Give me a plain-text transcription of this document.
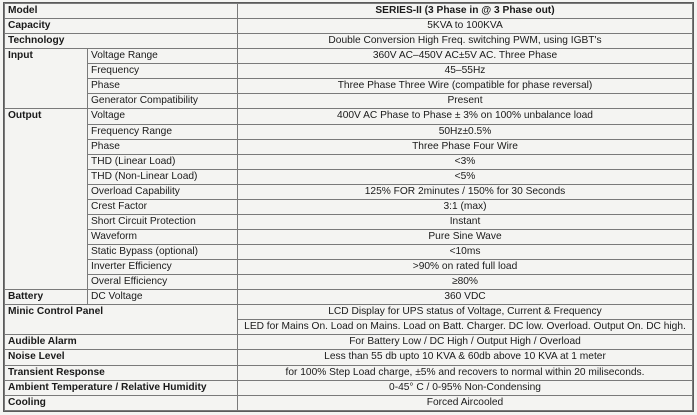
Model		SERIES-II (3 Phase in @ 3 Phase out)
Capacity		5KVA to 100KVA
Technology		Double Conversion High Freq. switching PWM, using IGBT's
Input	Voltage Range	360V AC–450V AC±5V AC. Three Phase
	Frequency	45–55Hz
	Phase	Three Phase Three Wire (compatible for phase reversal)
	Generator Compatibility	Present
Output	Voltage	400V AC Phase to Phase ± 3% on 100% unbalance load
	Frequency Range	50Hz±0.5%
	Phase	Three Phase Four Wire
	THD (Linear Load)	<3%
	THD (Non-Linear Load)	<5%
	Overload Capability	125% FOR 2minutes / 150% for 30 Seconds
	Crest Factor	3:1 (max)
	Short Circuit Protection	Instant
	Waveform	Pure Sine Wave
	Static Bypass (optional)	<10ms
	Inverter Efficiency	>90% on rated full load
	Overal Efficiency	≥80%
Battery	DC Voltage	360 VDC
Minic Control Panel		LCD Display for UPS status of Voltage, Current & Frequency
		LED for Mains On. Load on Mains. Load on Batt. Charger. DC low. Overload. Output On. DC high.
Audible Alarm		For Battery Low / DC High / Output High / Overload
Noise Level		Less than 55 db upto 10 KVA & 60db above 10 KVA at 1 meter
Transient Response		for 100% Step Load charge, ±5% and recovers to normal within 20 miliseconds.
Ambient Temperature / Relative Humidity		0-45° C / 0-95% Non-Condensing
Cooling		Forced Aircooled
